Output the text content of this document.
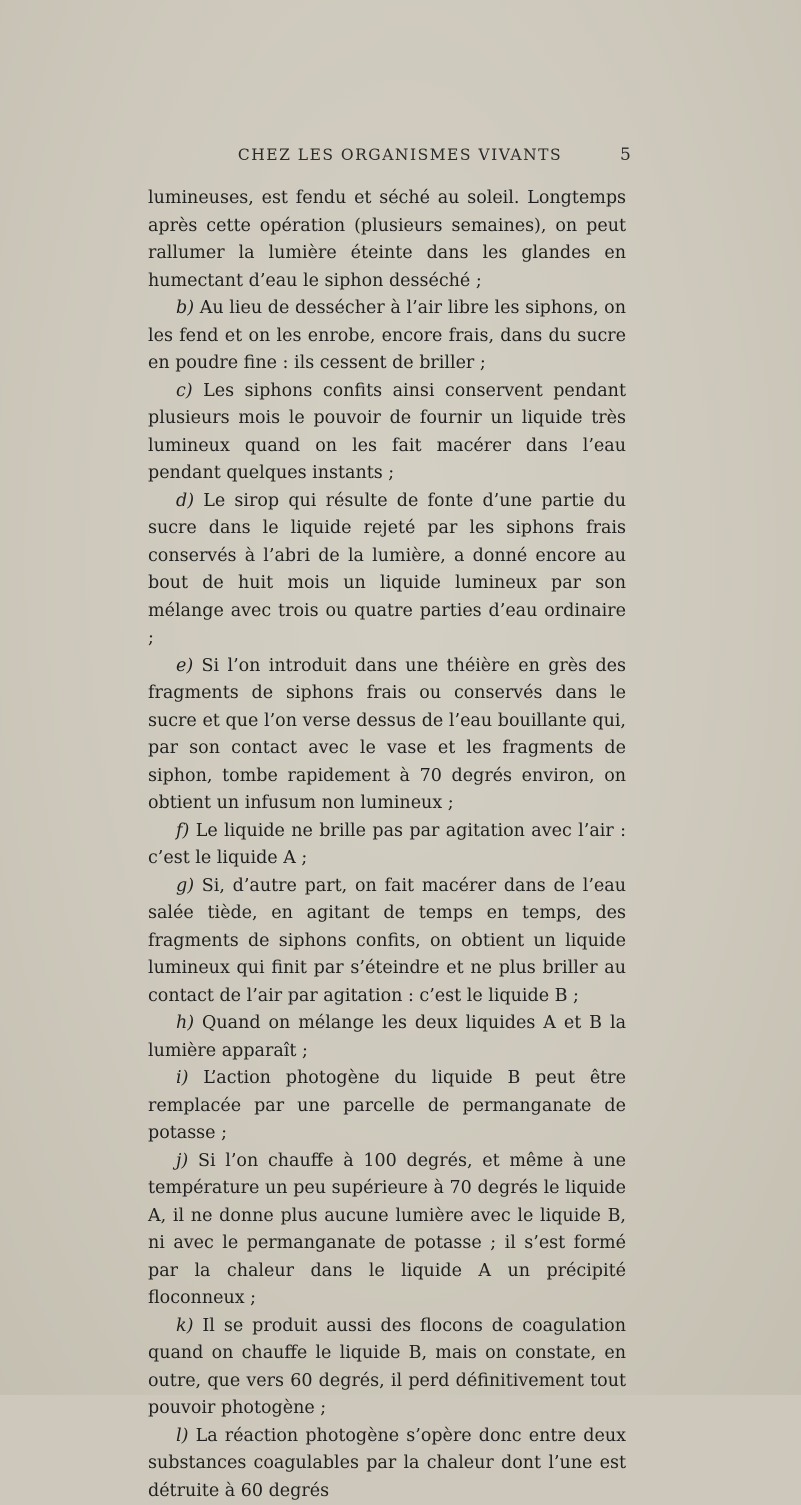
CHEZ LES ORGANISMES VIVANTS	5

lumineuses, est fendu et séché au soleil. Longtemps après cette opération (plusieurs semaines), on peut rallumer la lumière éteinte dans les glandes en humectant d’eau le siphon desséché ;

b) Au lieu de dessécher à l’air libre les siphons, on les fend et on les enrobe, encore frais, dans du sucre en poudre fine : ils cessent de briller ;

c) Les siphons confits ainsi conservent pendant plusieurs mois le pouvoir de fournir un liquide très lumineux quand on les fait macérer dans l’eau pendant quelques instants ;

d) Le sirop qui résulte de fonte d’une partie du sucre dans le liquide rejeté par les siphons frais conservés à l’abri de la lumière, a donné encore au bout de huit mois un liquide lumineux par son mélange avec trois ou quatre parties d’eau ordinaire ;

e) Si l’on introduit dans une théière en grès des fragments de siphons frais ou conservés dans le sucre et que l’on verse dessus de l’eau bouillante qui, par son contact avec le vase et les fragments de siphon, tombe rapidement à 70 degrés environ, on obtient un infusum non lumineux ;

f) Le liquide ne brille pas par agitation avec l’air : c’est le liquide A ;

g) Si, d’autre part, on fait macérer dans de l’eau salée tiède, en agitant de temps en temps, des fragments de siphons confits, on obtient un liquide lumineux qui finit par s’éteindre et ne plus briller au contact de l’air par agitation : c’est le liquide B ;

h) Quand on mélange les deux liquides A et B la lumière apparaît ;

i) L’action photogène du liquide B peut être remplacée par une parcelle de permanganate de potasse ;

j) Si l’on chauffe à 100 degrés, et même à une température un peu supérieure à 70 degrés le liquide A, il ne donne plus aucune lumière avec le liquide B, ni avec le permanganate de potasse ; il s’est formé par la chaleur dans le liquide A un précipité floconneux ;

k) Il se produit aussi des flocons de coagulation quand on chauffe le liquide B, mais on constate, en outre, que vers 60 degrés, il perd définitivement tout pouvoir photogène ;

l) La réaction photogène s’opère donc entre deux substances coagulables par la chaleur dont l’une est détruite à 60 degrés
